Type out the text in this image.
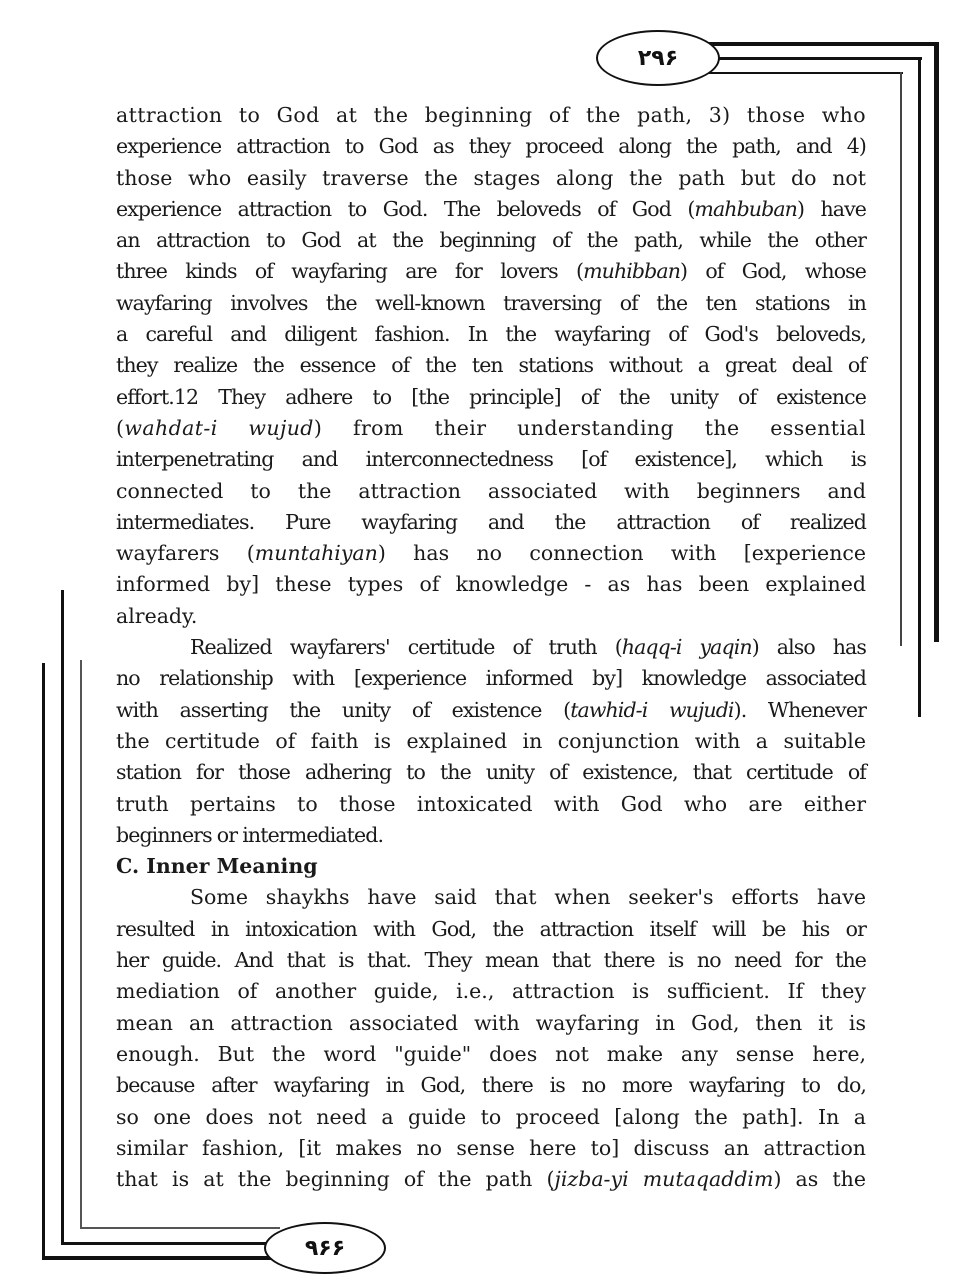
۲۹۶
۹۶۶
attraction to God at the beginning of the path, 3) those who
experience attraction to God as they proceed along the path, and 4)
those who easily traverse the stages along the path but do not
experience attraction to God. The beloveds of God (mahbuban) have
an attraction to God at the beginning of the path, while the other
three kinds of wayfaring are for lovers (muhibban) of God, whose
wayfaring involves the well-known traversing of the ten stations in
a careful and diligent fashion. In the wayfaring of God's beloveds,
they realize the essence of the ten stations without a great deal of
effort.12 They adhere to [the principle] of the unity of existence
(wahdat-i wujud) from their understanding the essential
interpenetrating and interconnectedness [of existence], which is
connected to the attraction associated with beginners and
intermediates. Pure wayfaring and the attraction of realized
wayfarers (muntahiyan) has no connection with [experience
informed by] these types of knowledge - as has been explained
already.
Realized wayfarers' certitude of truth (haqq-i yaqin) also has
no relationship with [experience informed by] knowledge associated
with asserting the unity of existence (tawhid-i wujudi). Whenever
the certitude of faith is explained in conjunction with a suitable
station for those adhering to the unity of existence, that certitude of
truth pertains to those intoxicated with God who are either
beginners or intermediated.
C. Inner Meaning
Some shaykhs have said that when seeker's efforts have
resulted in intoxication with God, the attraction itself will be his or
her guide. And that is that. They mean that there is no need for the
mediation of another guide, i.e., attraction is sufficient. If they
mean an attraction associated with wayfaring in God, then it is
enough. But the word "guide" does not make any sense here,
because after wayfaring in God, there is no more wayfaring to do,
so one does not need a guide to proceed [along the path]. In a
similar fashion, [it makes no sense here to] discuss an attraction
that is at the beginning of the path (jizba-yi mutaqaddim) as the
